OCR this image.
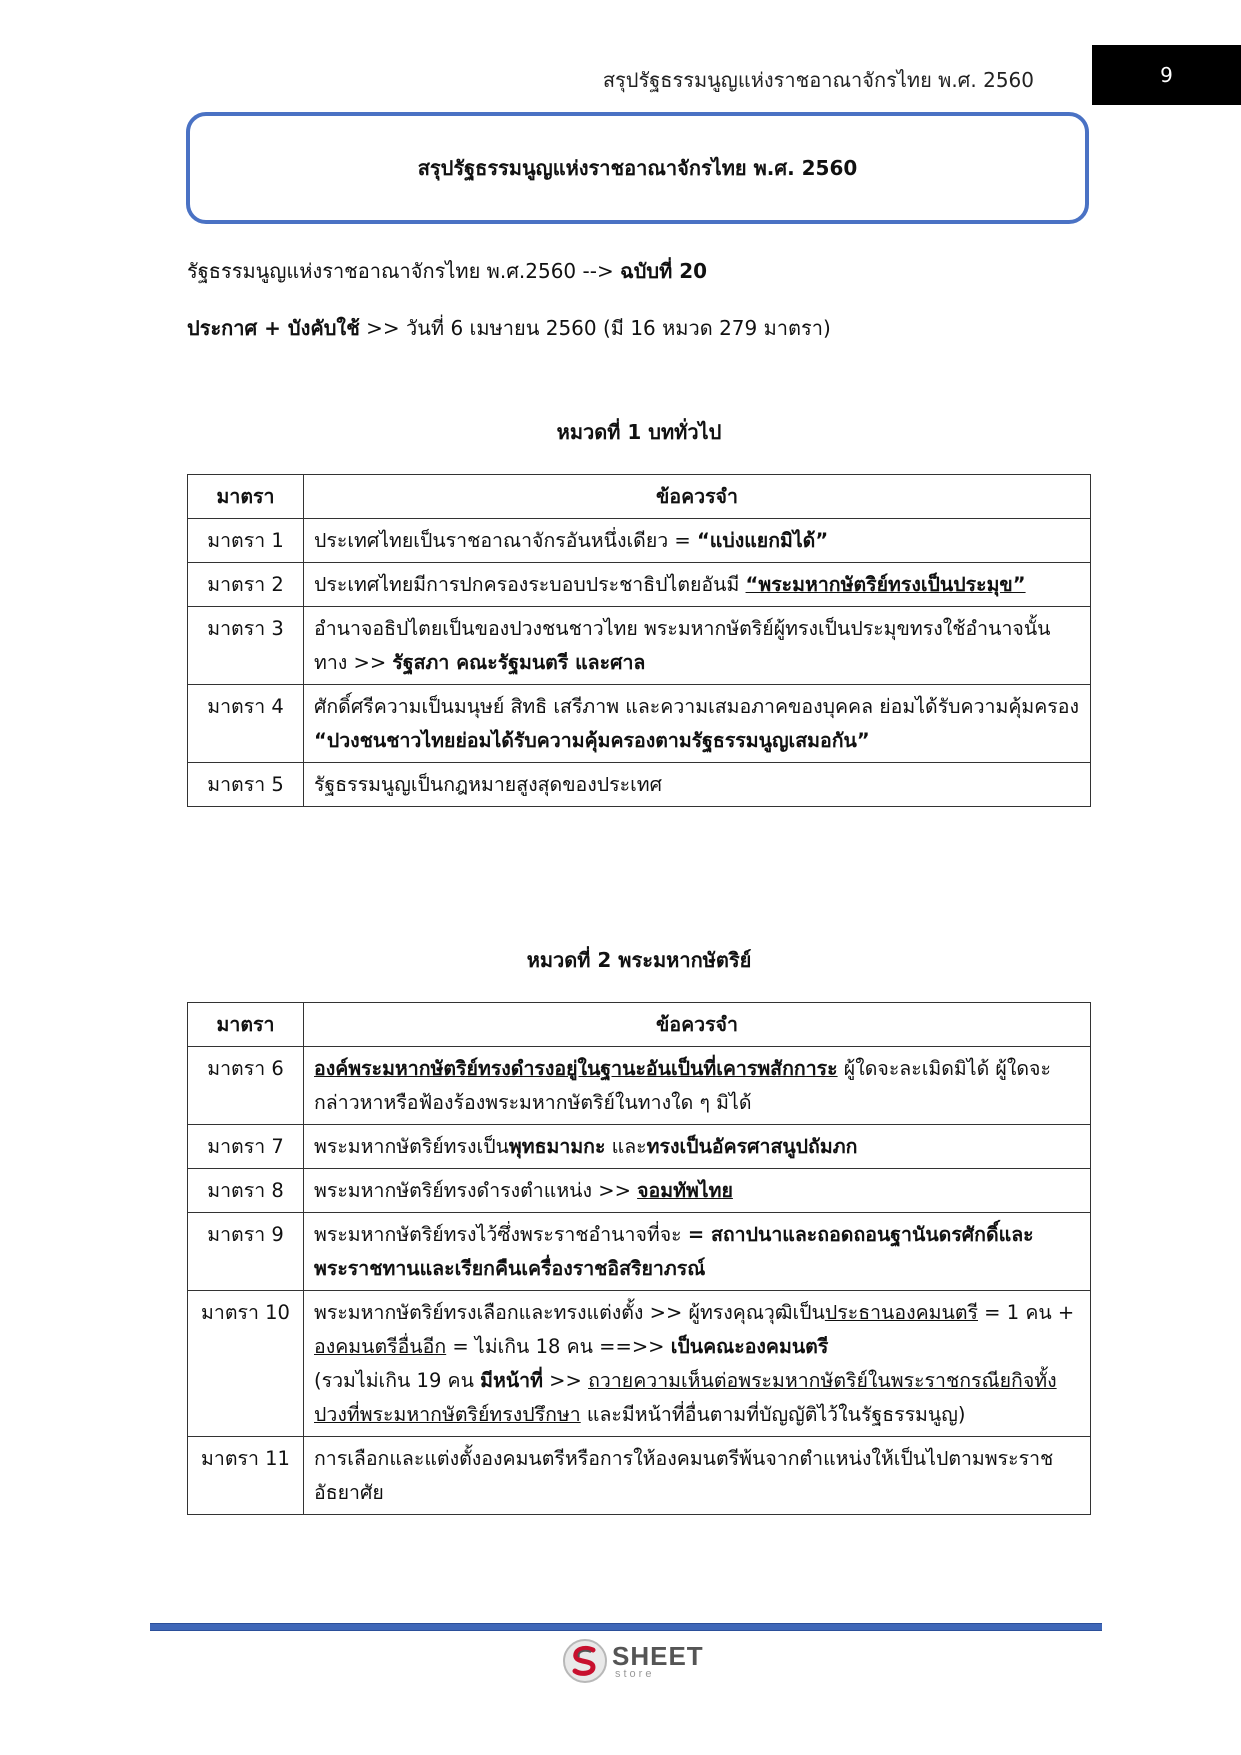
สรุปรัฐธรรมนูญแห่งราชอาณาจักรไทย พ.ศ. 2560	9
สรุปรัฐธรรมนูญแห่งราชอาณาจักรไทย พ.ศ. 2560
รัฐธรรมนูญแห่งราชอาณาจักรไทย พ.ศ.2560 --> ฉบับที่ 20
ประกาศ + บังคับใช้ >> วันที่ 6 เมษายน 2560 (มี 16 หมวด 279 มาตรา)
หมวดที่ 1 บททั่วไป
มาตรา	ข้อควรจำ
มาตรา 1	ประเทศไทยเป็นราชอาณาจักรอันหนึ่งเดียว = “แบ่งแยกมิได้”
มาตรา 2	ประเทศไทยมีการปกครองระบอบประชาธิปไตยอันมี “พระมหากษัตริย์ทรงเป็นประมุข”
มาตรา 3	อำนาจอธิปไตยเป็นของปวงชนชาวไทย พระมหากษัตริย์ผู้ทรงเป็นประมุขทรงใช้อำนาจนั้นทาง >> รัฐสภา คณะรัฐมนตรี และศาล
มาตรา 4	ศักดิ์ศรีความเป็นมนุษย์ สิทธิ เสรีภาพ และความเสมอภาคของบุคคล ย่อมได้รับความคุ้มครอง “ปวงชนชาวไทยย่อมได้รับความคุ้มครองตามรัฐธรรมนูญเสมอกัน”
มาตรา 5	รัฐธรรมนูญเป็นกฎหมายสูงสุดของประเทศ
หมวดที่ 2 พระมหากษัตริย์
มาตรา	ข้อควรจำ
มาตรา 6	องค์พระมหากษัตริย์ทรงดำรงอยู่ในฐานะอันเป็นที่เคารพสักการะ ผู้ใดจะละเมิดมิได้ ผู้ใดจะกล่าวหาหรือฟ้องร้องพระมหากษัตริย์ในทางใด ๆ มิได้
มาตรา 7	พระมหากษัตริย์ทรงเป็นพุทธมามกะ และทรงเป็นอัครศาสนูปถัมภก
มาตรา 8	พระมหากษัตริย์ทรงดำรงตำแหน่ง >> จอมทัพไทย
มาตรา 9	พระมหากษัตริย์ทรงไว้ซึ่งพระราชอำนาจที่จะ = สถาปนาและถอดถอนฐานันดรศักดิ์และพระราชทานและเรียกคืนเครื่องราชอิสริยาภรณ์
มาตรา 10	พระมหากษัตริย์ทรงเลือกและทรงแต่งตั้ง >> ผู้ทรงคุณวุฒิเป็นประธานองคมนตรี = 1 คน + องคมนตรีอื่นอีก = ไม่เกิน 18 คน ==>> เป็นคณะองคมนตรี
(รวมไม่เกิน 19 คน มีหน้าที่ >> ถวายความเห็นต่อพระมหากษัตริย์ในพระราชกรณียกิจทั้งปวงที่พระมหากษัตริย์ทรงปรึกษา และมีหน้าที่อื่นตามที่บัญญัติไว้ในรัฐธรรมนูญ)
มาตรา 11	การเลือกและแต่งตั้งองคมนตรีหรือการให้องคมนตรีพ้นจากตำแหน่งให้เป็นไปตามพระราชอัธยาศัย
SHEET
store
